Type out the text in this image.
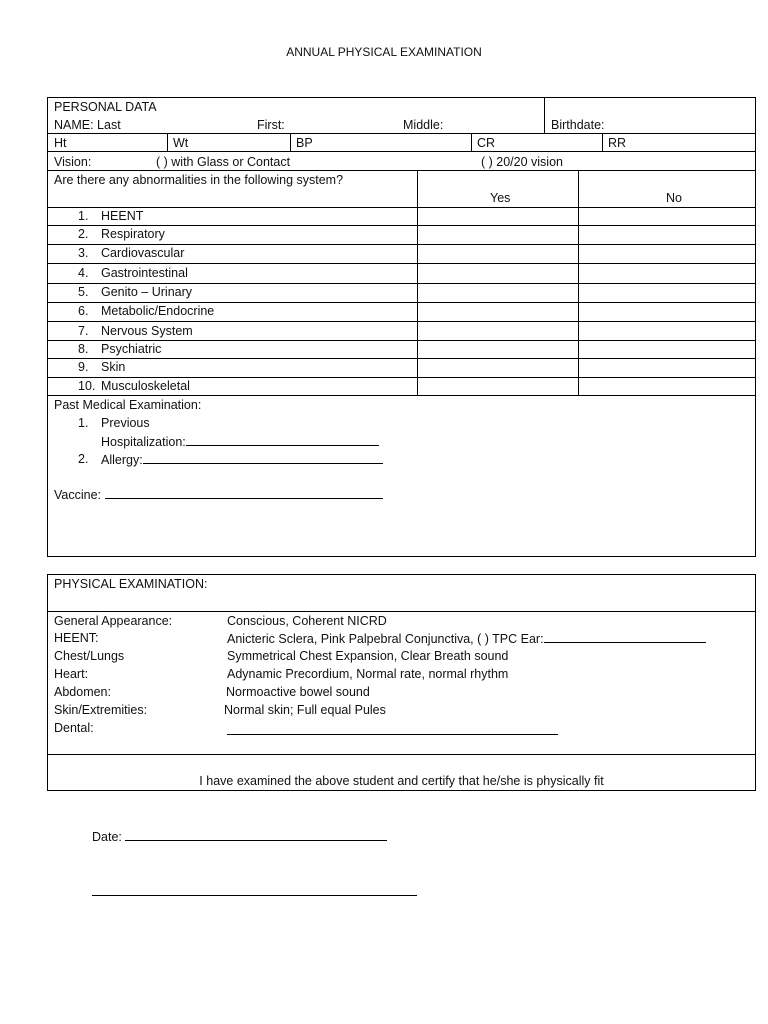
ANNUAL PHYSICAL EXAMINATION
PERSONAL DATA
NAME: Last	First:	Middle:	Birthdate:
Ht	Wt	BP	CR	RR
Vision:	( ) with Glass or Contact	( ) 20/20 vision
Are there any abnormalities in the following system?
Yes	No
1. HEENT
2. Respiratory
3. Cardiovascular
4. Gastrointestinal
5. Genito – Urinary
6. Metabolic/Endocrine
7. Nervous System
8. Psychiatric
9. Skin
10. Musculoskeletal
Past Medical Examination:
1. Previous
Hospitalization:
2. Allergy:
Vaccine:
PHYSICAL EXAMINATION:
General Appearance:	Conscious, Coherent NICRD
HEENT:	Anicteric Sclera, Pink Palpebral Conjunctiva, ( ) TPC Ear:
Chest/Lungs	Symmetrical Chest Expansion, Clear Breath sound
Heart:	Adynamic Precordium, Normal rate, normal rhythm
Abdomen:	Normoactive bowel sound
Skin/Extremities:	Normal skin; Full equal Pules
Dental:
I have examined the above student and certify that he/she is physically fit
Date:
